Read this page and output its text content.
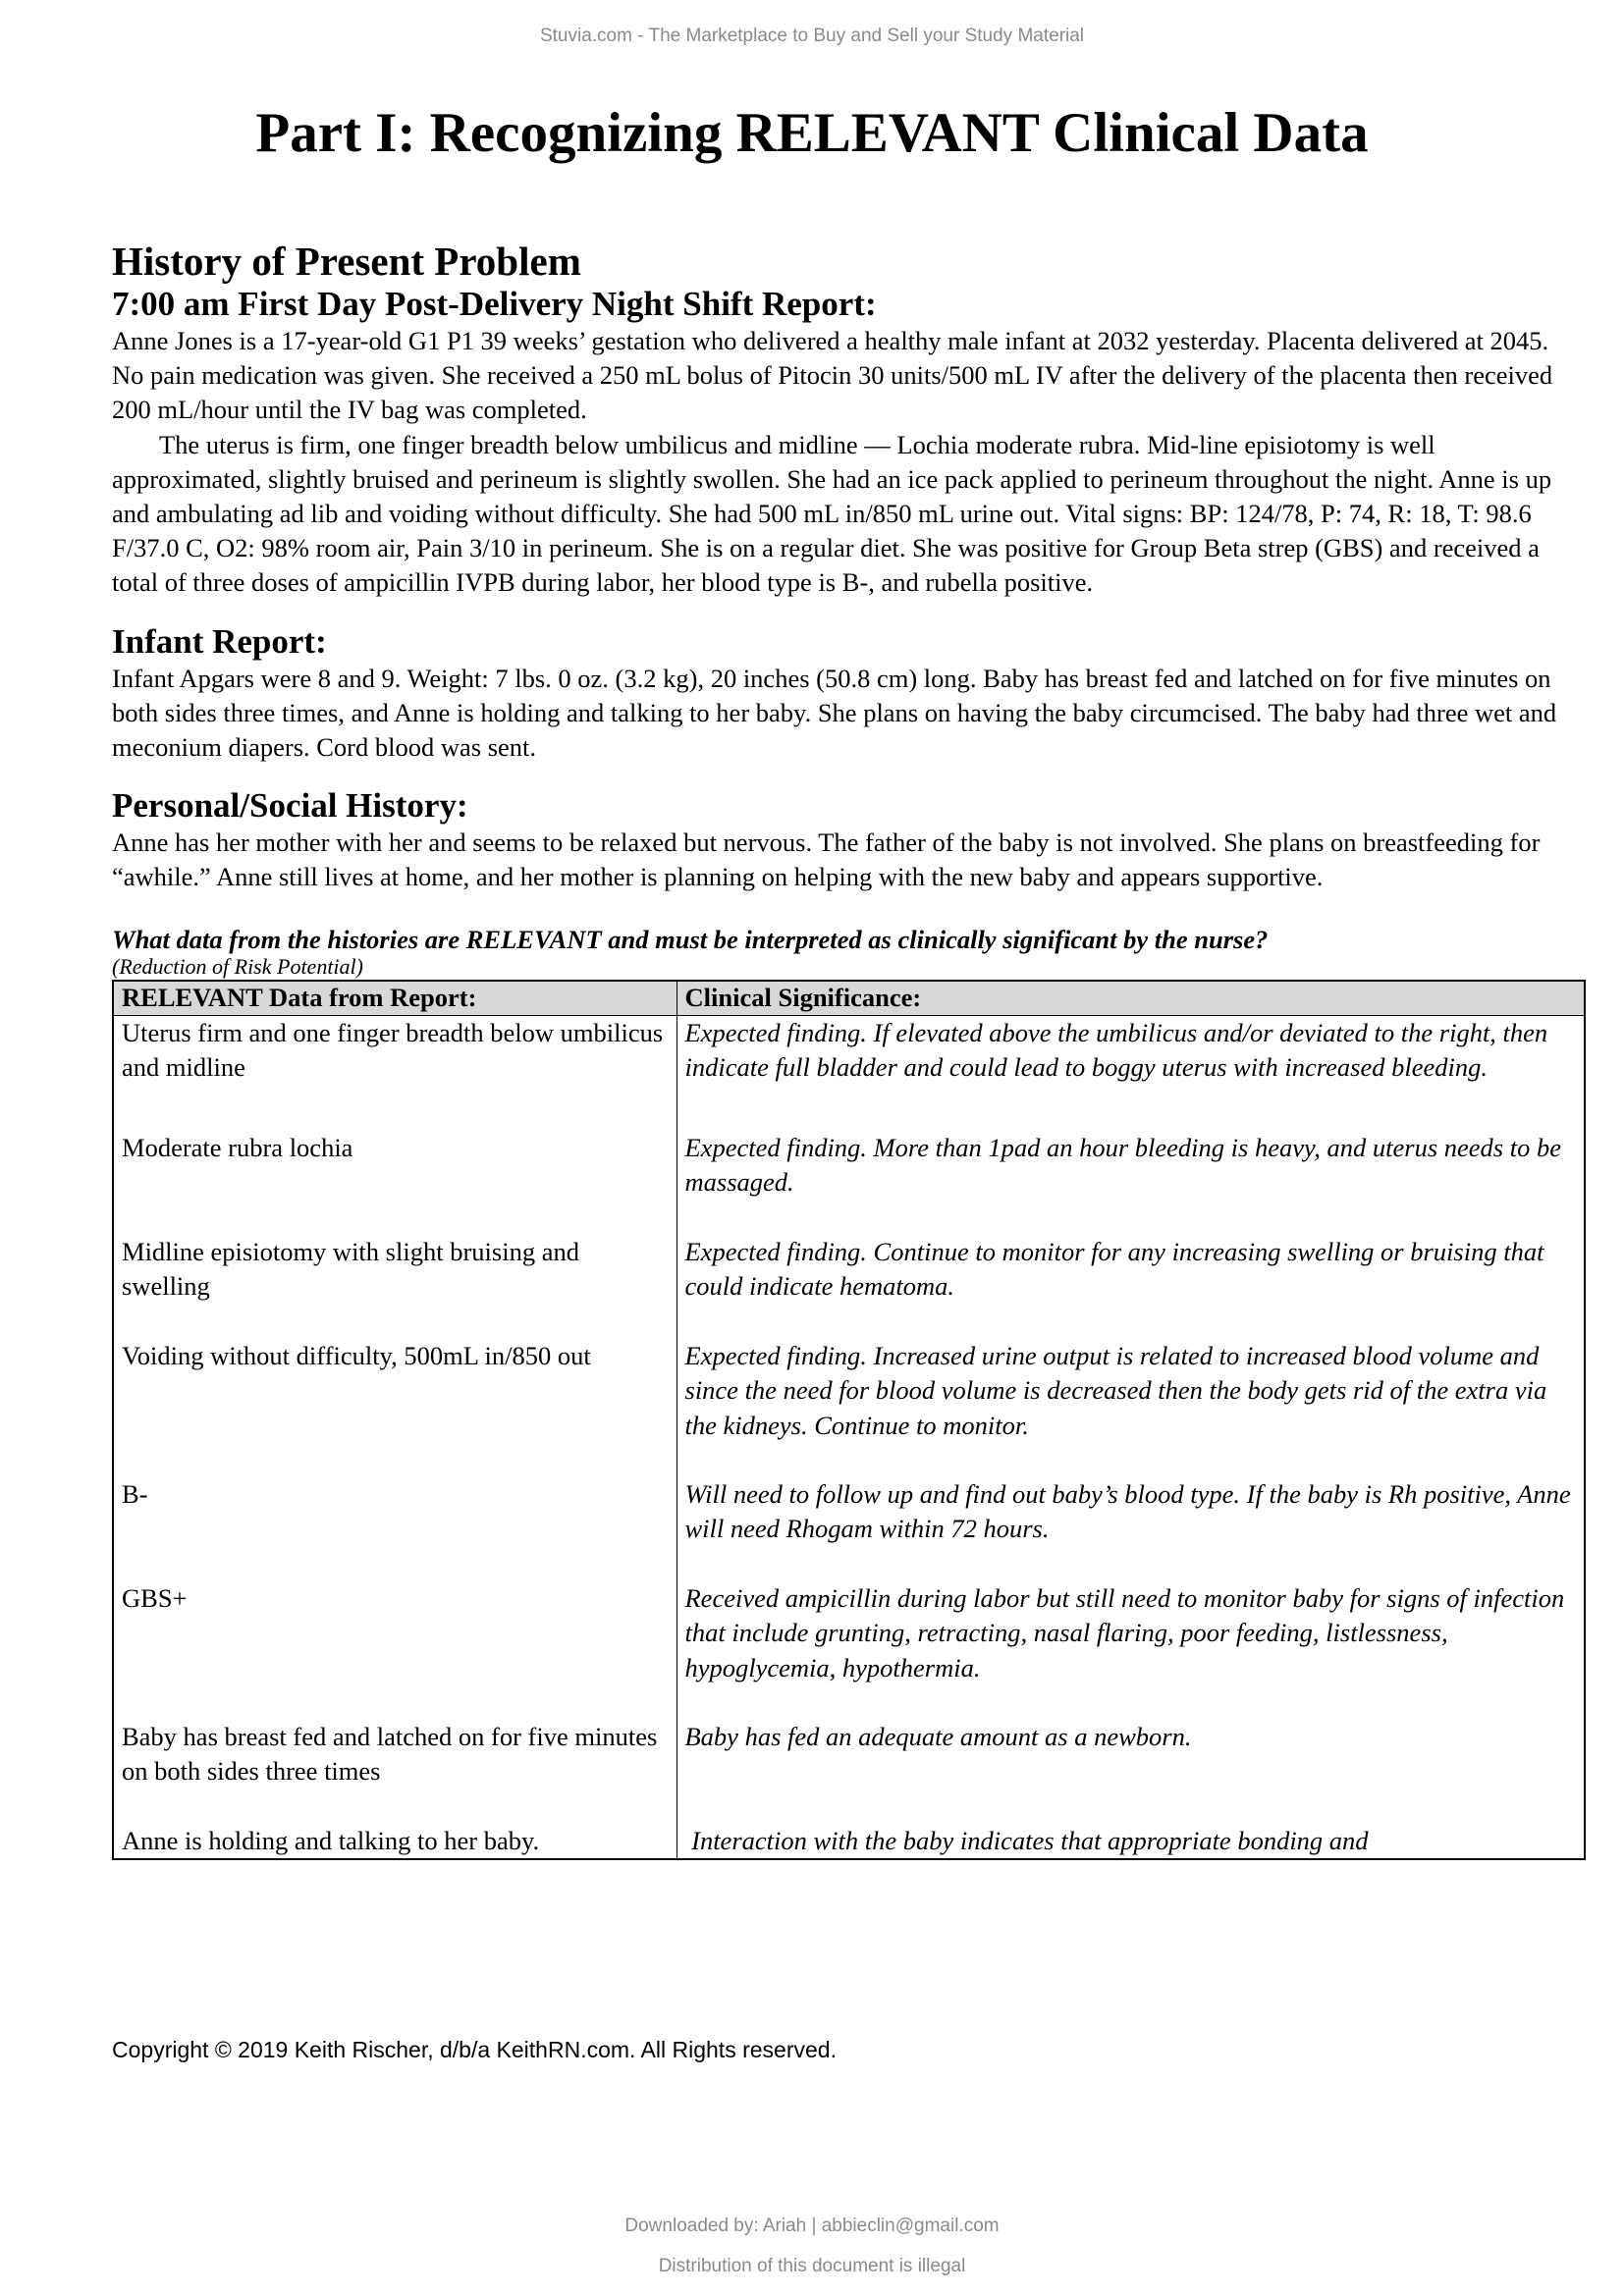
Stuvia.com - The Marketplace to Buy and Sell your Study Material
Part I: Recognizing RELEVANT Clinical Data
History of Present Problem
7:00 am First Day Post-Delivery Night Shift Report:

Anne Jones is a 17-year-old G1 P1 39 weeks’ gestation who delivered a healthy male infant at 2032 yesterday. Placenta delivered at 2045. No pain medication was given. She received a 250 mL bolus of Pitocin 30 units/500 mL IV after the delivery of the placenta then received 200 mL/hour until the IV bag was completed.

The uterus is firm, one finger breadth below umbilicus and midline — Lochia moderate rubra. Mid-line episiotomy is well approximated, slightly bruised and perineum is slightly swollen. She had an ice pack applied to perineum throughout the night. Anne is up and ambulating ad lib and voiding without difficulty. She had 500 mL in/850 mL urine out. Vital signs: BP: 124/78, P: 74, R: 18, T: 98.6 F/37.0 C, O2: 98% room air, Pain 3/10 in perineum. She is on a regular diet. She was positive for Group Beta strep (GBS) and received a total of three doses of ampicillin IVPB during labor, her blood type is B-, and rubella positive.

Infant Report:

Infant Apgars were 8 and 9. Weight: 7 lbs. 0 oz. (3.2 kg), 20 inches (50.8 cm) long. Baby has breast fed and latched on for five minutes on both sides three times, and Anne is holding and talking to her baby. She plans on having the baby circumcised. The baby had three wet and meconium diapers. Cord blood was sent.

Personal/Social History:

Anne has her mother with her and seems to be relaxed but nervous. The father of the baby is not involved. She plans on breastfeeding for “awhile.” Anne still lives at home, and her mother is planning on helping with the new baby and appears supportive.

What data from the histories are RELEVANT and must be interpreted as clinically significant by the nurse?

(Reduction of Risk Potential)

RELEVANT Data from Report:	Clinical Significance:
Uterus firm and one finger breadth below umbilicus and midline	Expected finding. If elevated above the umbilicus and/or deviated to the right, then indicate full bladder and could lead to boggy uterus with increased bleeding.
Moderate rubra lochia	Expected finding. More than 1pad an hour bleeding is heavy, and uterus needs to be massaged.
Midline episiotomy with slight bruising and swelling	Expected finding. Continue to monitor for any increasing swelling or bruising that could indicate hematoma.
Voiding without difficulty, 500mL in/850 out	Expected finding. Increased urine output is related to increased blood volume and since the need for blood volume is decreased then the body gets rid of the extra via the kidneys. Continue to monitor.
B-	Will need to follow up and find out baby’s blood type. If the baby is Rh positive, Anne will need Rhogam within 72 hours.
GBS+	Received ampicillin during labor but still need to monitor baby for signs of infection that include grunting, retracting, nasal flaring, poor feeding, listlessness, hypoglycemia, hypothermia.
Baby has breast fed and latched on for five minutes on both sides three times	Baby has fed an adequate amount as a newborn.
Anne is holding and talking to her baby.	Interaction with the baby indicates that appropriate bonding and
Copyright © 2019 Keith Rischer, d/b/a KeithRN.com. All Rights reserved.
Downloaded by: Ariah | abbieclin@gmail.com
Distribution of this document is illegal
